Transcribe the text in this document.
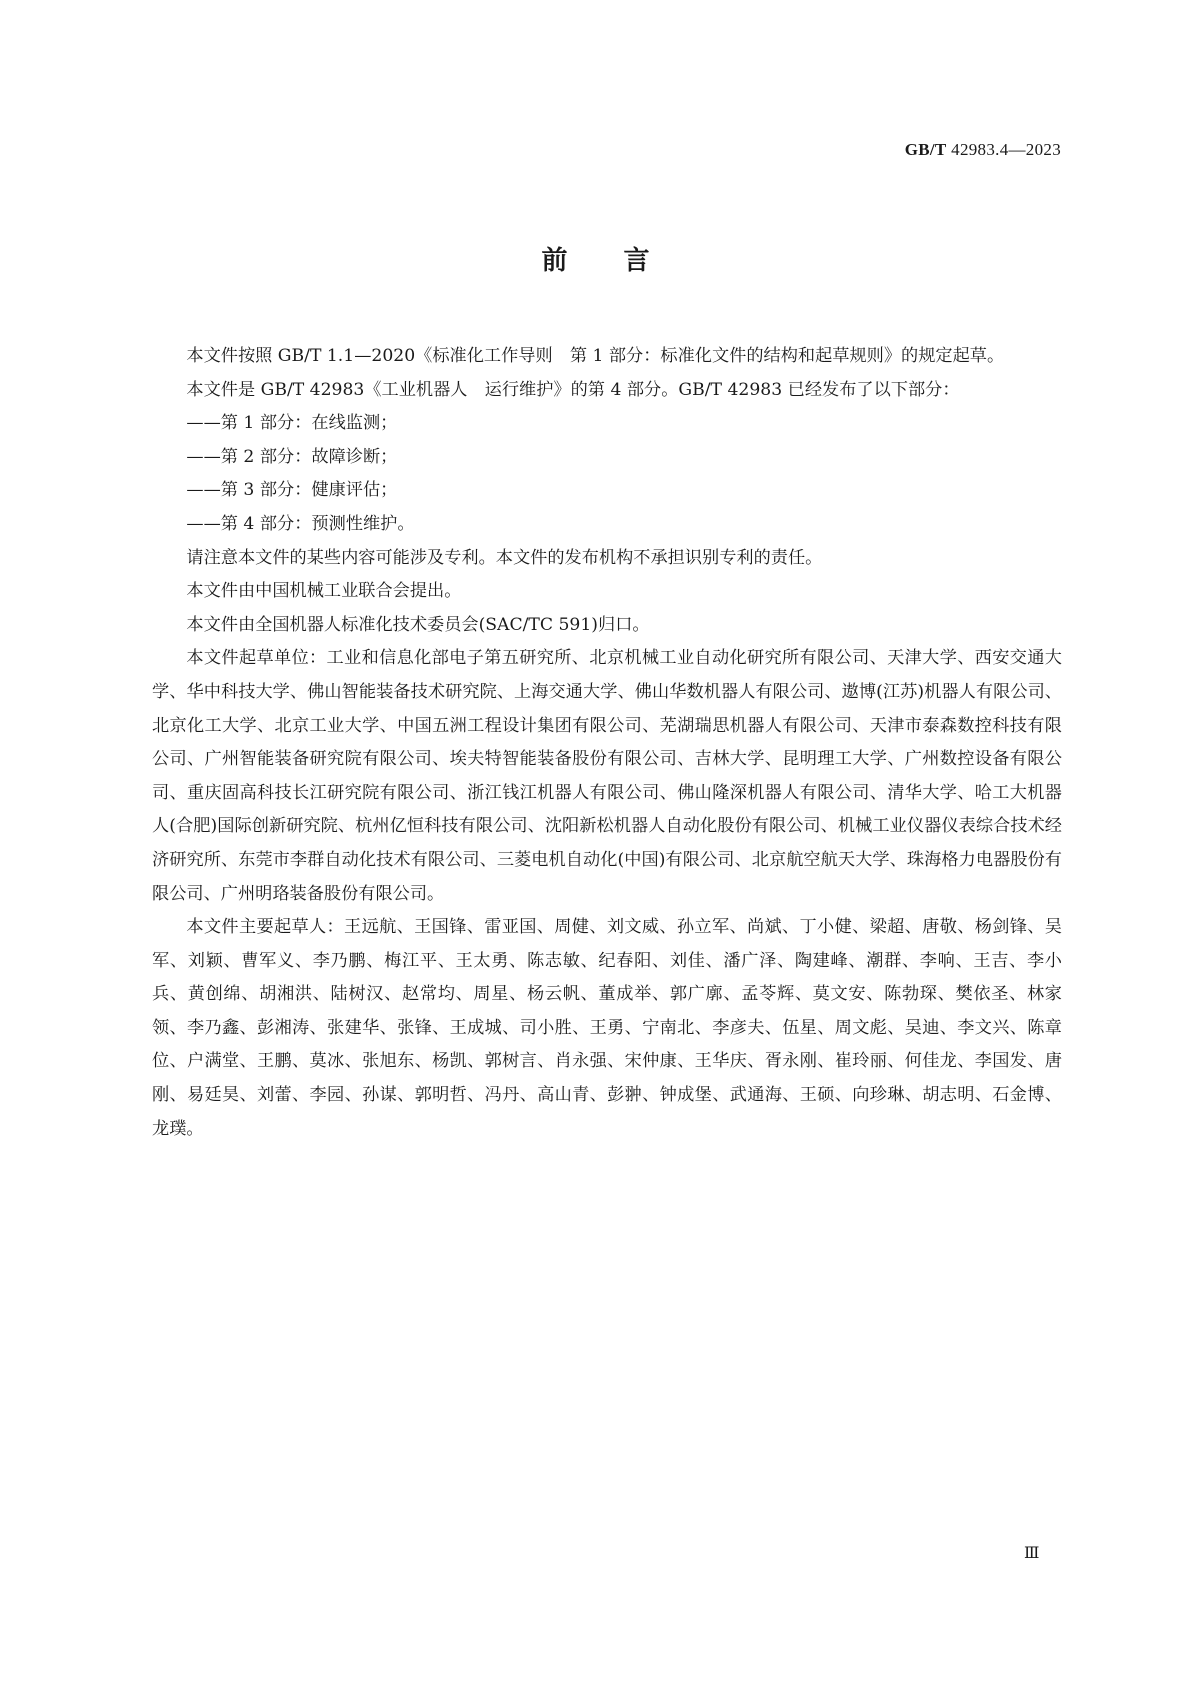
GB/T 42983.4—2023
前言

本文件按照 GB/T 1.1—2020《标准化工作导则　第 1 部分：标准化文件的结构和起草规则》的规定起草。

本文件是 GB/T 42983《工业机器人　运行维护》的第 4 部分。GB/T 42983 已经发布了以下部分：

——第 1 部分：在线监测；

——第 2 部分：故障诊断；

——第 3 部分：健康评估；

——第 4 部分：预测性维护。

请注意本文件的某些内容可能涉及专利。本文件的发布机构不承担识别专利的责任。

本文件由中国机械工业联合会提出。

本文件由全国机器人标准化技术委员会(SAC/TC 591)归口。

本文件起草单位：工业和信息化部电子第五研究所、北京机械工业自动化研究所有限公司、天津大学、西安交通大学、华中科技大学、佛山智能装备技术研究院、上海交通大学、佛山华数机器人有限公司、遨博(江苏)机器人有限公司、北京化工大学、北京工业大学、中国五洲工程设计集团有限公司、芜湖瑞思机器人有限公司、天津市泰森数控科技有限公司、广州智能装备研究院有限公司、埃夫特智能装备股份有限公司、吉林大学、昆明理工大学、广州数控设备有限公司、重庆固高科技长江研究院有限公司、浙江钱江机器人有限公司、佛山隆深机器人有限公司、清华大学、哈工大机器人(合肥)国际创新研究院、杭州亿恒科技有限公司、沈阳新松机器人自动化股份有限公司、机械工业仪器仪表综合技术经济研究所、东莞市李群自动化技术有限公司、三菱电机自动化(中国)有限公司、北京航空航天大学、珠海格力电器股份有限公司、广州明珞装备股份有限公司。

本文件主要起草人：王远航、王国锋、雷亚国、周健、刘文威、孙立军、尚斌、丁小健、梁超、唐敬、杨剑锋、吴军、刘颖、曹军义、李乃鹏、梅江平、王太勇、陈志敏、纪春阳、刘佳、潘广泽、陶建峰、潮群、李响、王吉、李小兵、黄创绵、胡湘洪、陆树汉、赵常均、周星、杨云帆、董成举、郭广廓、孟苓辉、莫文安、陈勃琛、樊依圣、林家领、李乃鑫、彭湘涛、张建华、张锋、王成城、司小胜、王勇、宁南北、李彦夫、伍星、周文彪、吴迪、李文兴、陈章位、户满堂、王鹏、莫冰、张旭东、杨凯、郭树言、肖永强、宋仲康、王华庆、胥永刚、崔玲丽、何佳龙、李国发、唐刚、易廷昊、刘蕾、李园、孙谋、郭明哲、冯丹、高山青、彭翀、钟成堡、武通海、王硕、向珍琳、胡志明、石金博、龙璞。

Ⅲ
